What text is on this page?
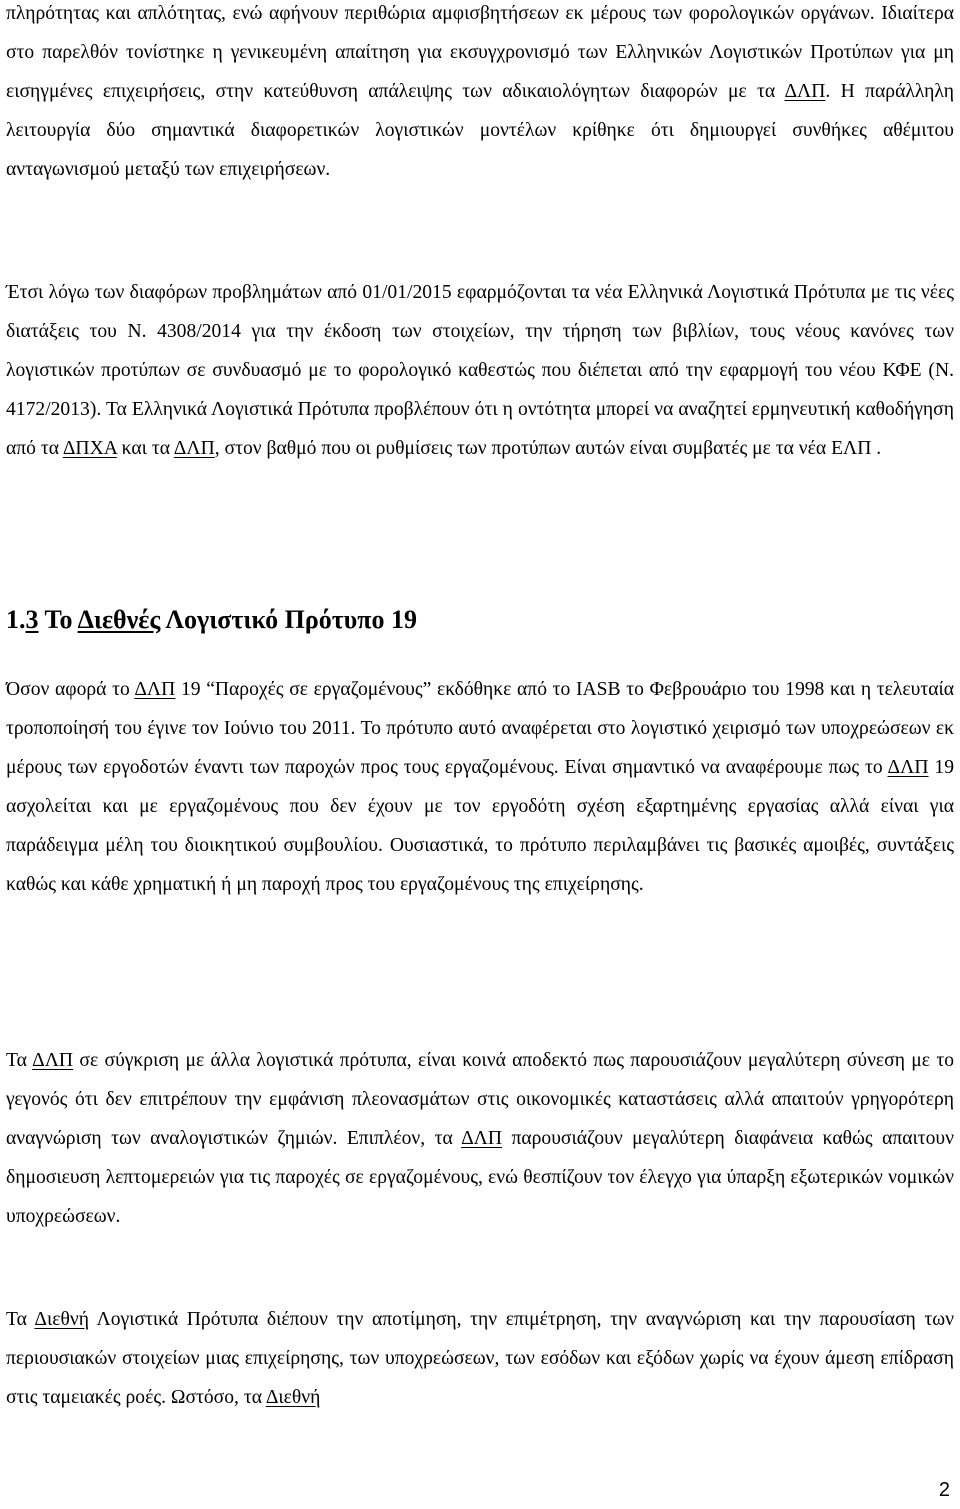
πληρότητας και απλότητας, ενώ αφήνουν περιθώρια αμφισβητήσεων εκ μέρους των φορολογικών οργάνων. Ιδιαίτερα στο παρελθόν τονίστηκε η γενικευμένη απαίτηση για εκσυγχρονισμό των Ελληνικών Λογιστικών Προτύπων για μη εισηγμένες επιχειρήσεις, στην κατεύθυνση απάλειψης των αδικαιολόγητων διαφορών με τα ΔΛΠ. Η παράλληλη λειτουργία δύο σημαντικά διαφορετικών λογιστικών μοντέλων κρίθηκε ότι δημιουργεί συνθήκες αθέμιτου ανταγωνισμού μεταξύ των επιχειρήσεων.

Έτσι λόγω των διαφόρων προβλημάτων από 01/01/2015 εφαρμόζονται τα νέα Ελληνικά Λογιστικά Πρότυπα με τις νέες διατάξεις του Ν. 4308/2014 για την έκδοση των στοιχείων, την τήρηση των βιβλίων, τους νέους κανόνες των λογιστικών προτύπων σε συνδυασμό με το φορολογικό καθεστώς που διέπεται από την εφαρμογή του νέου ΚΦΕ (Ν. 4172/2013). Τα Ελληνικά Λογιστικά Πρότυπα προβλέπουν ότι η οντότητα μπορεί να αναζητεί ερμηνευτική καθοδήγηση από τα ΔΠΧΑ και τα ΔΛΠ, στον βαθμό που οι ρυθμίσεις των προτύπων αυτών είναι συμβατές με τα νέα ΕΛΠ .

1.3 Το Διεθνές Λογιστικό Πρότυπο 19

Όσον αφορά το ΔΛΠ 19 “Παροχές σε εργαζομένους” εκδόθηκε από το IASB το Φεβρουάριο του 1998 και η τελευταία τροποποίησή του έγινε τον Ιούνιο του 2011. Το πρότυπο αυτό αναφέρεται στο λογιστικό χειρισμό των υποχρεώσεων εκ μέρους των εργοδοτών έναντι των παροχών προς τους εργαζομένους. Είναι σημαντικό να αναφέρουμε πως το ΔΛΠ 19 ασχολείται και με εργαζομένους που δεν έχουν με τον εργοδότη σχέση εξαρτημένης εργασίας αλλά είναι για παράδειγμα μέλη του διοικητικού συμβουλίου. Ουσιαστικά, το πρότυπο περιλαμβάνει τις βασικές αμοιβές, συντάξεις καθώς και κάθε χρηματική ή μη παροχή προς του εργαζομένους της επιχείρησης.

Τα ΔΛΠ σε σύγκριση με άλλα λογιστικά πρότυπα, είναι κοινά αποδεκτό πως παρουσιάζουν μεγαλύτερη σύνεση με το γεγονός ότι δεν επιτρέπουν την εμφάνιση πλεονασμάτων στις οικονομικές καταστάσεις αλλά απαιτούν γρηγορότερη αναγνώριση των αναλογιστικών ζημιών. Επιπλέον, τα ΔΛΠ παρουσιάζουν μεγαλύτερη διαφάνεια καθώς απαιτουν δημοσιευση λεπτομερειών για τις παροχές σε εργαζομένους, ενώ θεσπίζουν τον έλεγχο για ύπαρξη εξωτερικών νομικών υποχρεώσεων.

Τα Διεθνή Λογιστικά Πρότυπα διέπουν την αποτίμηση, την επιμέτρηση, την αναγνώριση και την παρουσίαση των περιουσιακών στοιχείων μιας επιχείρησης, των υποχρεώσεων, των εσόδων και εξόδων χωρίς να έχουν άμεση επίδραση στις ταμειακές ροές. Ωστόσο, τα Διεθνή

2
